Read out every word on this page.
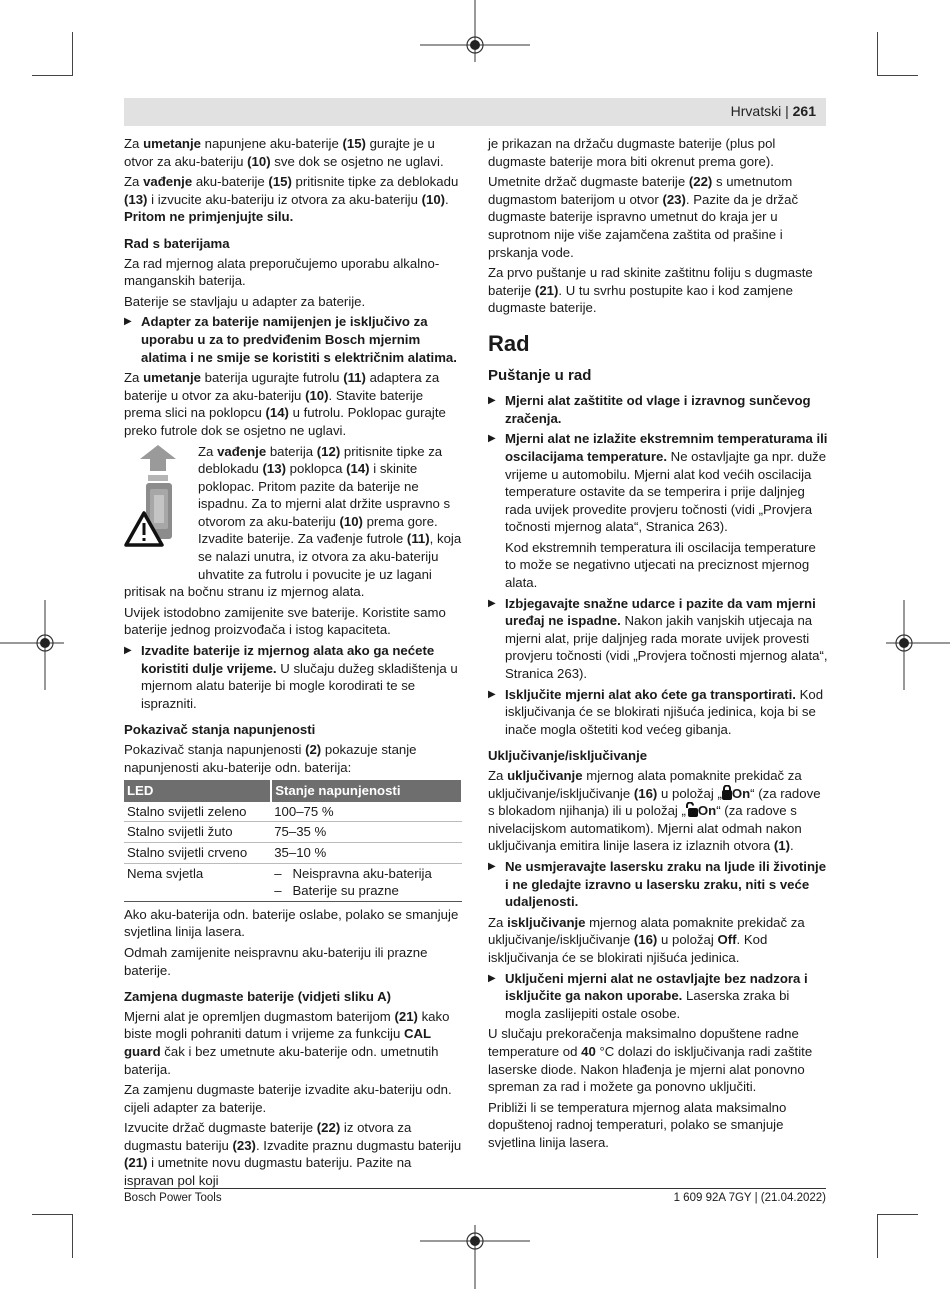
Hrvatski | 261

Za umetanje napunjene aku-baterije (15) gurajte je u otvor za aku-bateriju (10) sve dok se osjetno ne uglavi.

Za vađenje aku-baterije (15) pritisnite tipke za deblokadu (13) i izvucite aku-bateriju iz otvora za aku-bateriju (10). Pritom ne primjenjujte silu.

Rad s baterijama

Za rad mjernog alata preporučujemo uporabu alkalno-manganskih baterija.

Baterije se stavljaju u adapter za baterije.

▶ Adapter za baterije namijenjen je isključivo za uporabu u za to predviđenim Bosch mjernim alatima i ne smije se koristiti s električnim alatima.

Za umetanje baterija ugurajte futrolu (11) adaptera za baterije u otvor za aku-bateriju (10). Stavite baterije prema slici na poklopcu (14) u futrolu. Poklopac gurajte preko futrole dok se osjetno ne uglavi.

Za vađenje baterija (12) pritisnite tipke za deblokadu (13) poklopca (14) i skinite poklopac. Pritom pazite da baterije ne ispadnu. Za to mjerni alat držite uspravno s otvorom za aku-bateriju (10) prema gore. Izvadite baterije. Za vađenje futrole (11), koja se nalazi unutra, iz otvora za aku-bateriju uhvatite za futrolu i povucite je uz lagani pritisak na bočnu stranu iz mjernog alata.

Uvijek istodobno zamijenite sve baterije. Koristite samo baterije jednog proizvođača i istog kapaciteta.

▶ Izvadite baterije iz mjernog alata ako ga nećete koristiti dulje vrijeme. U slučaju dužeg skladištenja u mjernom alatu baterije bi mogle korodirati te se isprazniti.

Pokazivač stanja napunjenosti

Pokazivač stanja napunjenosti (2) pokazuje stanje napunjenosti aku-baterije odn. baterija:

LED	Stanje napunjenosti
Stalno svijetli zeleno	100–75 %
Stalno svijetli žuto	75–35 %
Stalno svijetli crveno	35–10 %
Nema svjetla	–   Neispravna aku-baterija
–   Baterije su prazne

Ako aku-baterija odn. baterije oslabe, polako se smanjuje svjetlina linija lasera.

Odmah zamijenite neispravnu aku-bateriju ili prazne baterije.

Zamjena dugmaste baterije (vidjeti sliku A)

Mjerni alat je opremljen dugmastom baterijom (21) kako biste mogli pohraniti datum i vrijeme za funkciju CAL guard čak i bez umetnute aku-baterije odn. umetnutih baterija.

Za zamjenu dugmaste baterije izvadite aku-bateriju odn. cijeli adapter za baterije.

Izvucite držač dugmaste baterije (22) iz otvora za dugmastu bateriju (23). Izvadite praznu dugmastu bateriju (21) i umetnite novu dugmastu bateriju. Pazite na ispravan pol koji

je prikazan na držaču dugmaste baterije (plus pol dugmaste baterije mora biti okrenut prema gore).

Umetnite držač dugmaste baterije (22) s umetnutom dugmastom baterijom u otvor (23). Pazite da je držač dugmaste baterije ispravno umetnut do kraja jer u suprotnom nije više zajamčena zaštita od prašine i prskanja vode.

Za prvo puštanje u rad skinite zaštitnu foliju s dugmaste baterije (21). U tu svrhu postupite kao i kod zamjene dugmaste baterije.

Rad
Puštanje u rad

▶ Mjerni alat zaštitite od vlage i izravnog sunčevog zračenja.

▶ Mjerni alat ne izlažite ekstremnim temperaturama ili oscilacijama temperature. Ne ostavljajte ga npr. duže vrijeme u automobilu. Mjerni alat kod većih oscilacija temperature ostavite da se temperira i prije daljnjeg rada uvijek provedite provjeru točnosti (vidi „Provjera točnosti mjernog alata“, Stranica 263).

Kod ekstremnih temperatura ili oscilacija temperature to može se negativno utjecati na preciznost mjernog alata.

▶ Izbjegavajte snažne udarce i pazite da vam mjerni uređaj ne ispadne. Nakon jakih vanjskih utjecaja na mjerni alat, prije daljnjeg rada morate uvijek provesti provjeru točnosti (vidi „Provjera točnosti mjernog alata“, Stranica 263).

▶ Isključite mjerni alat ako ćete ga transportirati. Kod isključivanja će se blokirati njišuća jedinica, koja bi se inače mogla oštetiti kod većeg gibanja.

Uključivanje/isključivanje

Za uključivanje mjernog alata pomaknite prekidač za uključivanje/isključivanje (16) u položaj „ On“ (za radove s blokadom njihanja) ili u položaj „ On“ (za radove s nivelacijskom automatikom). Mjerni alat odmah nakon uključivanja emitira linije lasera iz izlaznih otvora (1).

▶ Ne usmjeravajte lasersku zraku na ljude ili životinje i ne gledajte izravno u lasersku zraku, niti s veće udaljenosti.

Za isključivanje mjernog alata pomaknite prekidač za uključivanje/isključivanje (16) u položaj Off. Kod isključivanja će se blokirati njišuća jedinica.

▶ Uključeni mjerni alat ne ostavljajte bez nadzora i isključite ga nakon uporabe. Laserska zraka bi mogla zaslijepiti ostale osobe.

U slučaju prekoračenja maksimalno dopuštene radne temperature od 40 °C dolazi do isključivanja radi zaštite laserske diode. Nakon hlađenja je mjerni alat ponovno spreman za rad i možete ga ponovno uključiti.

Približi li se temperatura mjernog alata maksimalno dopuštenoj radnoj temperaturi, polako se smanjuje svjetlina linija lasera.

Bosch Power Tools	1 609 92A 7GY | (21.04.2022)
